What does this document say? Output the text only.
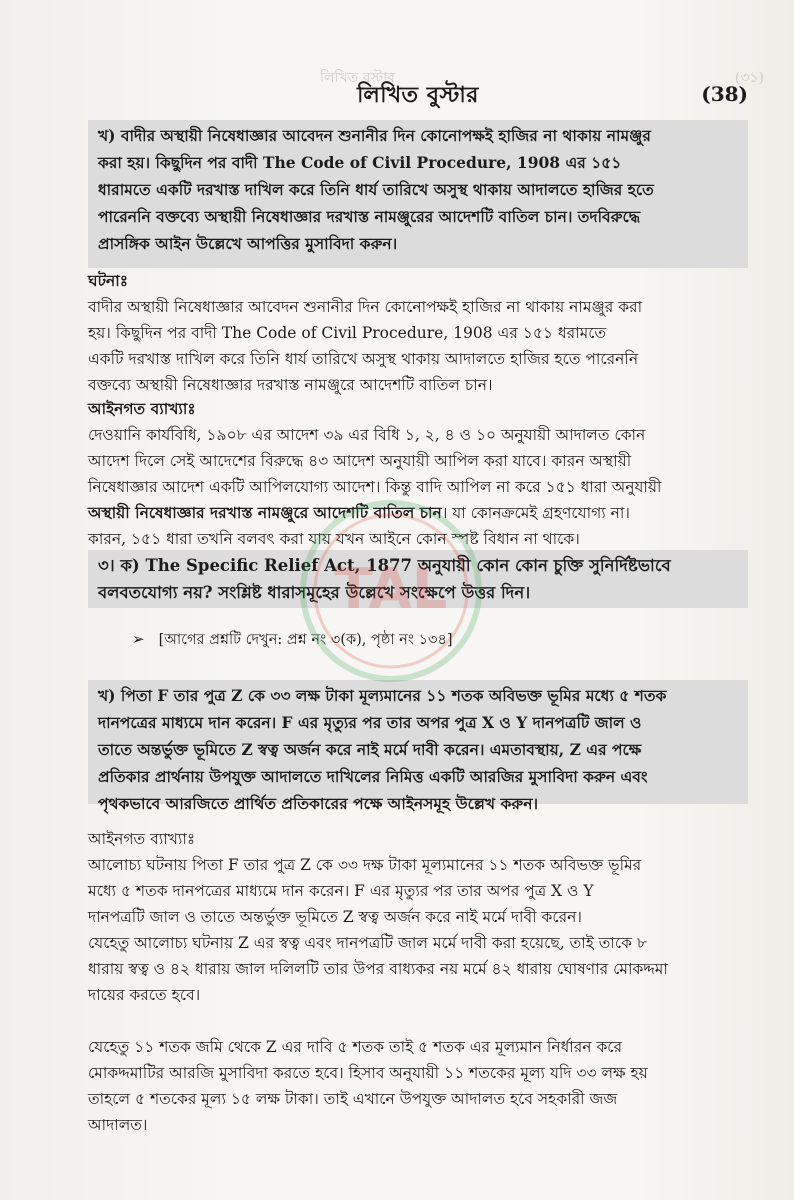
লিখিত বুস্টার	(৩১)
লিখিত বুস্টার	(38)

খ) বাদীর অস্থায়ী নিষেধাজ্ঞার আবেদন শুনানীর দিন কোনোপক্ষই হাজির না থাকায় নামঞ্জুর

করা হয়। কিছুদিন পর বাদী The Code of Civil Procedure, 1908 এর ১৫১

ধারামতে একটি দরখাস্ত দাখিল করে তিনি ধার্য তারিখে অসুস্থ থাকায় আদালতে হাজির হতে

পারেননি বক্তব্যে অস্থায়ী নিষেধাজ্ঞার দরখাস্ত নামঞ্জুরের আদেশটি বাতিল চান। তদবিরুদ্ধে

প্রাসঙ্গিক আইন উল্লেখে আপত্তির মুসাবিদা করুন।

ঘটনাঃ

বাদীর অস্থায়ী নিষেধাজ্ঞার আবেদন শুনানীর দিন কোনোপক্ষই হাজির না থাকায় নামঞ্জুর করা

হয়। কিছুদিন পর বাদী The Code of Civil Procedure, 1908 এর ১৫১ ধরামতে

একটি দরখাস্ত দাখিল করে তিনি ধার্য তারিখে অসুস্থ থাকায় আদালতে হাজির হতে পারেননি

বক্তব্যে অস্থায়ী নিষেধাজ্ঞার দরখাস্ত নামঞ্জুরে আদেশটি বাতিল চান।

আইনগত ব্যাখ্যাঃ

দেওয়ানি কার্যবিধি, ১৯০৮ এর আদেশ ৩৯ এর বিধি ১, ২, ৪ ও ১০ অনুযায়ী আদালত কোন

আদেশ দিলে সেই আদেশের বিরুদ্ধে ৪৩ আদেশ অনুযায়ী আপিল করা যাবে। কারন অস্থায়ী

নিষেধাজ্ঞার আদেশ একটি আপিলযোগ্য আদেশ। কিন্তু বাদি আপিল না করে ১৫১ ধারা অনুযায়ী

অস্থায়ী নিষেধাজ্ঞার দরখাস্ত নামঞ্জুরে আদেশটি বাতিল চান। যা কোনক্রমেই গ্রহণযোগ্য না।

কারন, ১৫১ ধারা তখনি বলবৎ করা যায় যখন আইনে কোন স্পষ্ট বিধান না থাকে।

৩। ক) The Specific Relief Act, 1877 অনুযায়ী কোন কোন চুক্তি সুনির্দিষ্টভাবে

বলবতযোগ্য নয়? সংশ্লিষ্ট ধারাসমূহের উল্লেখে সংক্ষেপে উত্তর দিন।

➢ [আগের প্রশ্নটি দেখুন: প্রশ্ন নং ৩(ক), পৃষ্ঠা নং ১৩৪]

খ) পিতা F তার পুত্র Z কে ৩৩ লক্ষ টাকা মূল্যমানের ১১ শতক অবিভক্ত ভূমির মধ্যে ৫ শতক

দানপত্রের মাধ্যমে দান করেন। F এর মৃত্যুর পর তার অপর পুত্র X ও Y দানপত্রটি জাল ও

তাতে অন্তর্ভুক্ত ভূমিতে Z স্বত্ব অর্জন করে নাই মর্মে দাবী করেন। এমতাবস্থায়, Z এর পক্ষে

প্রতিকার প্রার্থনায় উপযুক্ত আদালতে দাখিলের নিমিত্ত একটি আরজির মুসাবিদা করুন এবং

পৃথকভাবে আরজিতে প্রার্থিত প্রতিকারের পক্ষে আইনসমূহ উল্লেখ করুন।

আইনগত ব্যাখ্যাঃ

আলোচ্য ঘটনায় পিতা F তার পুত্র Z কে ৩৩ দক্ষ টাকা মূল্যমানের ১১ শতক অবিভক্ত ভূমির

মধ্যে ৫ শতক দানপত্রের মাধ্যমে দান করেন। F এর মৃত্যুর পর তার অপর পুত্র X ও Y

দানপত্রটি জাল ও তাতে অন্তর্ভুক্ত ভূমিতে Z স্বত্ব অর্জন করে নাই মর্মে দাবী করেন।

যেহেতু আলোচ্য ঘটনায় Z এর স্বত্ব এবং দানপত্রটি জাল মর্মে দাবী করা হয়েছে, তাই তাকে ৮

ধারায় স্বত্ব ও ৪২ ধারায় জাল দলিলটি তার উপর বাধ্যকর নয় মর্মে ৪২ ধারায় ঘোষণার মোকদ্দমা

দায়ের করতে হবে।

যেহেতু ১১ শতক জমি থেকে Z এর দাবি ৫ শতক তাই ৫ শতক এর মূল্যমান নির্ধারন করে

মোকদ্দমাটির আরজি মুসাবিদা করতে হবে। হিসাব অনুযায়ী ১১ শতকের মূল্য যদি ৩৩ লক্ষ হয়

তাহলে ৫ শতকের মূল্য ১৫ লক্ষ টাকা। তাই এখানে উপযুক্ত আদালত হবে সহকারী জজ

আদালত।

TAL
